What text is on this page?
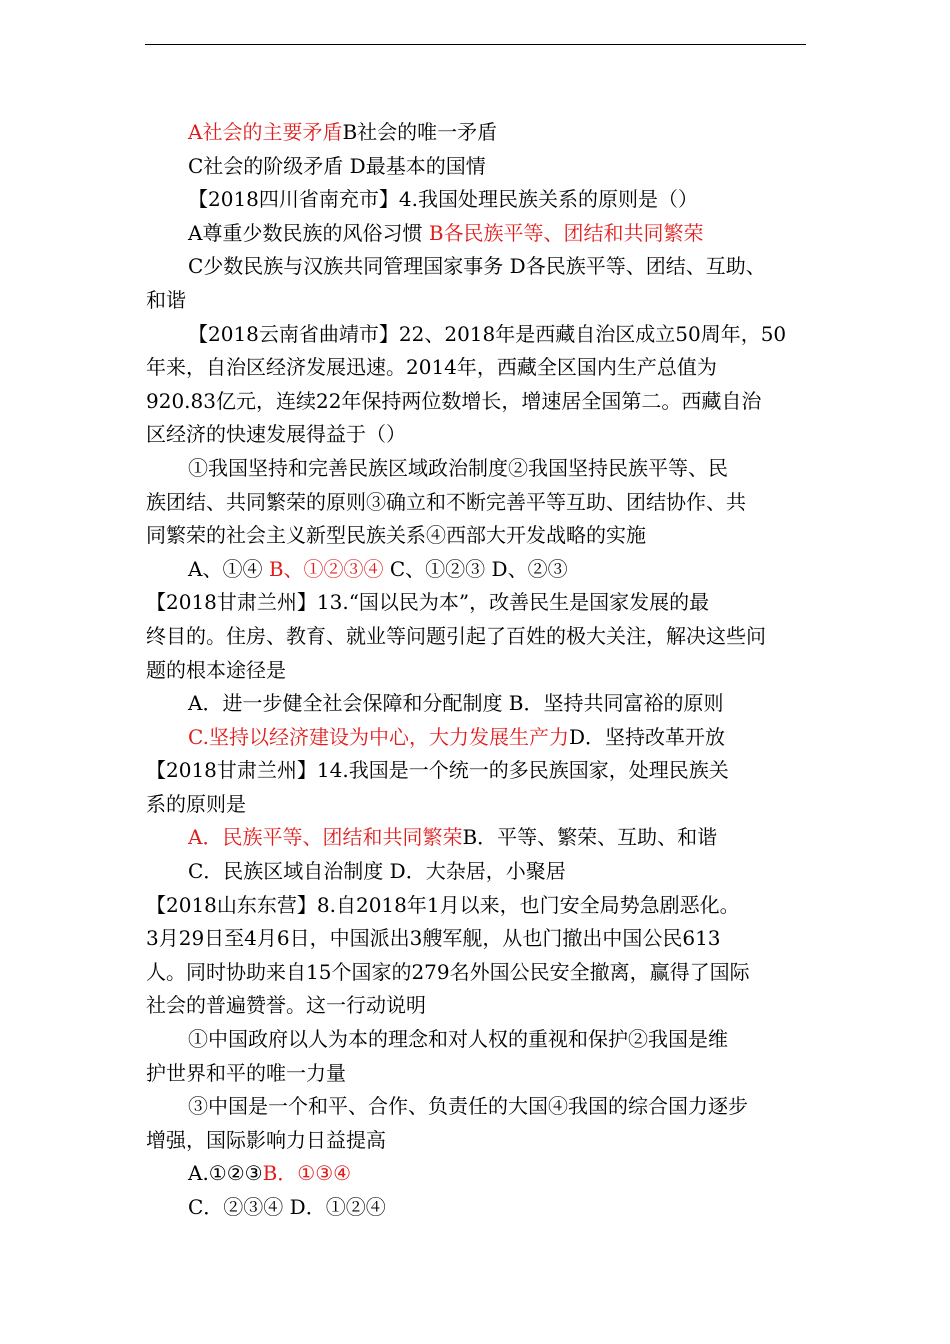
A社会的主要矛盾B社会的唯一矛盾
C社会的阶级矛盾 D最基本的国情
【2018四川省南充市】4.我国处理民族关系的原则是（）
A尊重少数民族的风俗习惯 B各民族平等、团结和共同繁荣
C少数民族与汉族共同管理国家事务 D各民族平等、团结、互助、
和谐
【2018云南省曲靖市】22、2018年是西藏自治区成立50周年，50
年来，自治区经济发展迅速。2014年，西藏全区国内生产总值为
920.83亿元，连续22年保持两位数增长，增速居全国第二。西藏自治
区经济的快速发展得益于（）
①我国坚持和完善民族区域政治制度②我国坚持民族平等、民
族团结、共同繁荣的原则③确立和不断完善平等互助、团结协作、共
同繁荣的社会主义新型民族关系④西部大开发战略的实施
A、①④ B、①②③④ C、①②③ D、②③
【2018甘肃兰州】13.“国以民为本”，改善民生是国家发展的最
终目的。住房、教育、就业等问题引起了百姓的极大关注，解决这些问
题的根本途径是
A．进一步健全社会保障和分配制度 B．坚持共同富裕的原则
C.坚持以经济建设为中心，大力发展生产力D．坚持改革开放
【2018甘肃兰州】14.我国是一个统一的多民族国家，处理民族关
系的原则是
A．民族平等、团结和共同繁荣B．平等、繁荣、互助、和谐
C．民族区域自治制度 D．大杂居，小聚居
【2018山东东营】8.自2018年1月以来，也门安全局势急剧恶化。
3月29日至4月6日，中国派出3艘军舰，从也门撤出中国公民613
人。同时协助来自15个国家的279名外国公民安全撤离，赢得了国际
社会的普遍赞誉。这一行动说明
①中国政府以人为本的理念和对人权的重视和保护②我国是维
护世界和平的唯一力量
③中国是一个和平、合作、负责任的大国④我国的综合国力逐步
增强，国际影响力日益提高
A.①②③B．①③④
C．②③④ D．①②④
